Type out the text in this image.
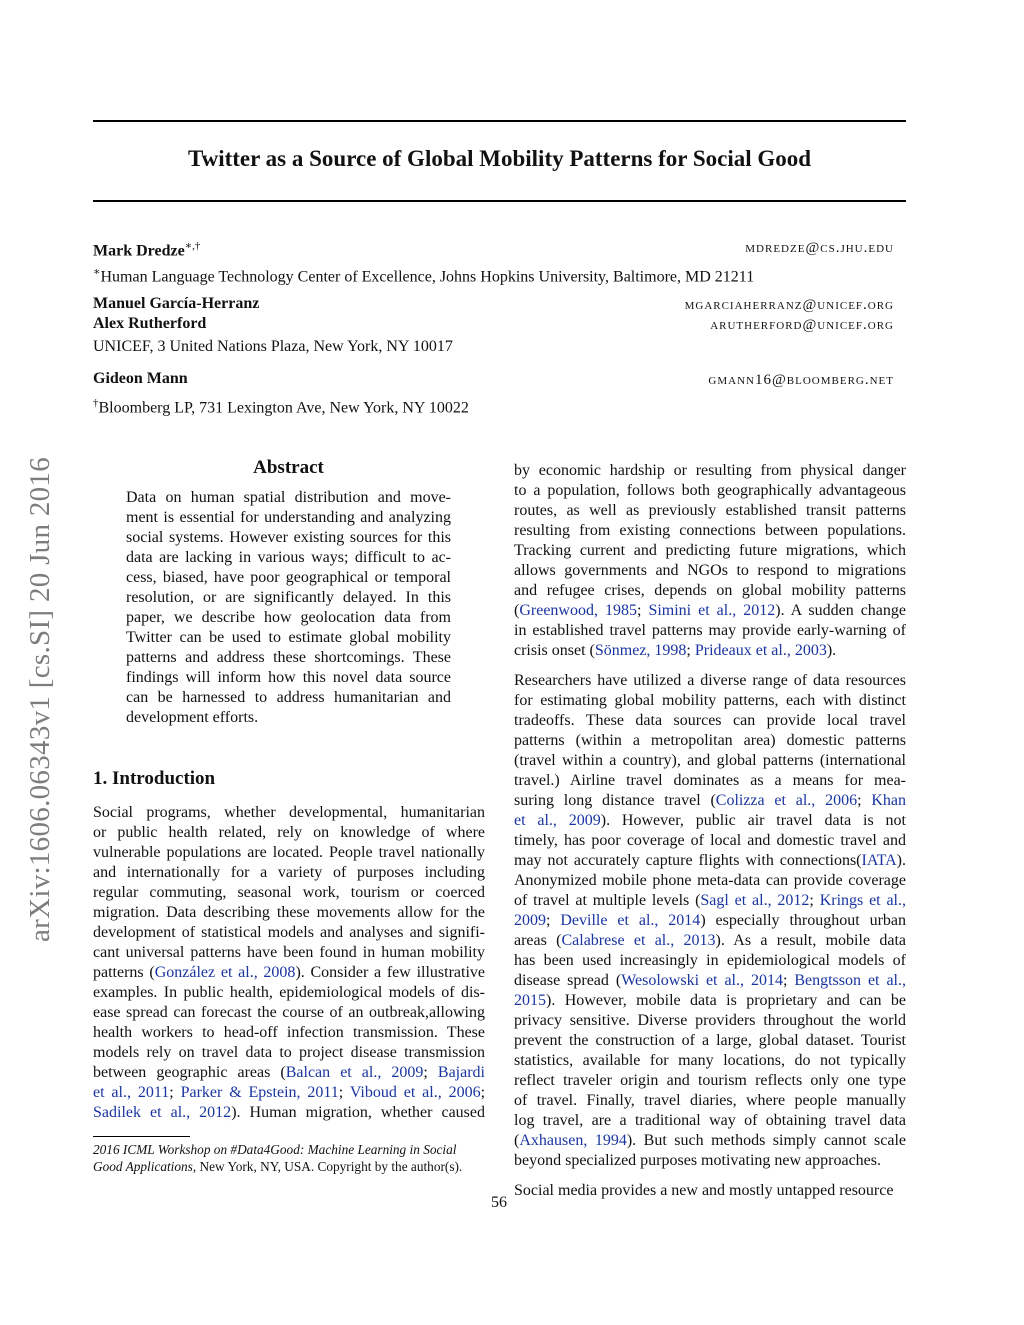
arXiv:1606.06343v1 [cs.SI] 20 Jun 2016
Twitter as a Source of Global Mobility Patterns for Social Good
Mark Dredze∗,†	mdredze@cs.jhu.edu
∗Human Language Technology Center of Excellence, Johns Hopkins University, Baltimore, MD 21211
Manuel García-Herranz	mgarciaherranz@unicef.org
Alex Rutherford	arutherford@unicef.org
UNICEF, 3 United Nations Plaza, New York, NY 10017
Gideon Mann	gmann16@bloomberg.net
†Bloomberg LP, 731 Lexington Ave, New York, NY 10022
Abstract
Data on human spatial distribution and move-
ment is essential for understanding and analyzing
social systems. However existing sources for this
data are lacking in various ways; difficult to ac-
cess, biased, have poor geographical or temporal
resolution, or are significantly delayed. In this
paper, we describe how geolocation data from
Twitter can be used to estimate global mobility
patterns and address these shortcomings. These
findings will inform how this novel data source
can be harnessed to address humanitarian and
development efforts.
1. Introduction
Social programs, whether developmental, humanitarian
or public health related, rely on knowledge of where
vulnerable populations are located. People travel nationally
and internationally for a variety of purposes including
regular commuting, seasonal work, tourism or coerced
migration. Data describing these movements allow for the
development of statistical models and analyses and signifi-
cant universal patterns have been found in human mobility
patterns (González et al., 2008). Consider a few illustrative
examples. In public health, epidemiological models of dis-
ease spread can forecast the course of an outbreak,allowing
health workers to head-off infection transmission. These
models rely on travel data to project disease transmission
between geographic areas (Balcan et al., 2009; Bajardi
et al., 2011; Parker & Epstein, 2011; Viboud et al., 2006;
Sadilek et al., 2012). Human migration, whether caused
2016 ICML Workshop on #Data4Good: Machine Learning in Social Good Applications, New York, NY, USA. Copyright by the author(s).
56
by economic hardship or resulting from physical danger
to a population, follows both geographically advantageous
routes, as well as previously established transit patterns
resulting from existing connections between populations.
Tracking current and predicting future migrations, which
allows governments and NGOs to respond to migrations
and refugee crises, depends on global mobility patterns
(Greenwood, 1985; Simini et al., 2012). A sudden change
in established travel patterns may provide early-warning of
crisis onset (Sönmez, 1998; Prideaux et al., 2003).
Researchers have utilized a diverse range of data resources
for estimating global mobility patterns, each with distinct
tradeoffs. These data sources can provide local travel
patterns (within a metropolitan area) domestic patterns
(travel within a country), and global patterns (international
travel.) Airline travel dominates as a means for mea-
suring long distance travel (Colizza et al., 2006; Khan
et al., 2009). However, public air travel data is not
timely, has poor coverage of local and domestic travel and
may not accurately capture flights with connections(IATA).
Anonymized mobile phone meta-data can provide coverage
of travel at multiple levels (Sagl et al., 2012; Krings et al.,
2009; Deville et al., 2014) especially throughout urban
areas (Calabrese et al., 2013). As a result, mobile data
has been used increasingly in epidemiological models of
disease spread (Wesolowski et al., 2014; Bengtsson et al.,
2015). However, mobile data is proprietary and can be
privacy sensitive. Diverse providers throughout the world
prevent the construction of a large, global dataset. Tourist
statistics, available for many locations, do not typically
reflect traveler origin and tourism reflects only one type
of travel. Finally, travel diaries, where people manually
log travel, are a traditional way of obtaining travel data
(Axhausen, 1994). But such methods simply cannot scale
beyond specialized purposes motivating new approaches.
Social media provides a new and mostly untapped resource
